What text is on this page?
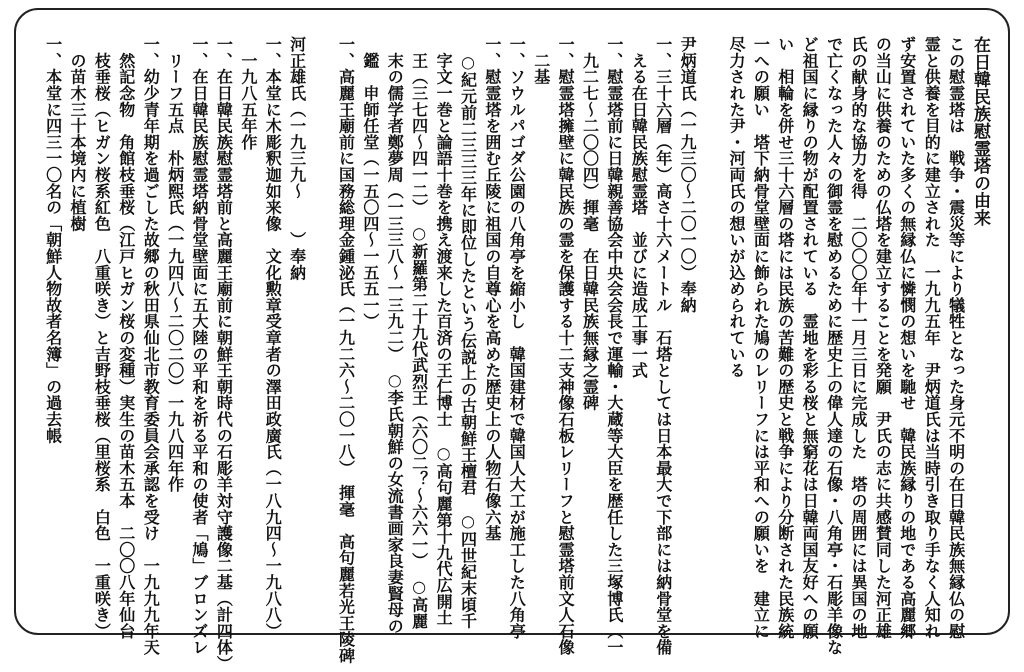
在日韓民族慰霊塔の由来
この慰霊塔は　戦争・震災等により犠牲となった身元不明の在日韓民族無縁仏の慰
霊と供養を目的に建立された　一九九五年　尹炳道氏は当時引き取り手なく人知れ
ず安置されていた多くの無縁仏に憐憫の想いを馳せ　韓民族縁りの地である高麗郷
の当山に供養のための仏塔を建立することを発願　尹氏の志に共感賛同した河正雄
氏の献身的な協力を得　二〇〇〇年十一月三日に完成した　塔の周囲には異国の地
で亡くなった人々の御霊を慰めるために歴史上の偉人達の石像・八角亭・石彫羊像な
ど祖国に縁りの物が配置されている　霊地を彩る桜と無窮花は日韓両国友好への願
い　相輪を併せ三十六層の塔には民族の苦難の歴史と戦争により分断された民族統
一への願い　塔下納骨堂壁面に飾られた鳩のレリーフには平和への願いを　建立に
尽力された尹・河両氏の想いが込められている

尹炳道氏（一九三〇～二〇一〇）奉納
一、三十六層（年）高さ十六メートル　石塔としては日本最大で下部には納骨堂を備
　える在日韓民族慰霊塔　並びに造成工事一式
一、慰霊塔前に日韓親善協会中央会会長で運輸・大蔵等大臣を歴任した三塚博氏（一
　九二七～二〇〇四）揮毫　在日韓民族無縁之霊碑
一、慰霊塔擁壁に韓民族の霊を保護する十二支神像石板レリーフと慰霊塔前文人石像
　二基
一、ソウルパゴダ公園の八角亭を縮小し　韓国建材で韓国人大工が施工した八角亭
一、慰霊塔を囲む丘陵に祖国の自尊心を高めた歴史上の人物石像六基
　○紀元前二三三三年に即位したという伝説上の古朝鮮王檀君　○四世紀末頃千
　字文一巻と論語十巻を携え渡来した百済の王仁博士　○高句麗第十九代広開土
　王（三七四～四一二）　○新羅第二十九代武烈王（六〇二？～六六一）　○高麗
　末の儒学者鄭夢周（一三三八～一三九二）　○李氏朝鮮の女流書画家良妻賢母の
　鑑　申師任堂（一五〇四～一五五一）
一、高麗王廟前に国務総理金鍾泌氏（一九二六～二〇一八）　揮毫　高句麗若光王陵碑

河正雄氏（一九三九～　　）奉納
一、本堂に木彫釈迦如来像　文化勲章受章者の澤田政廣氏（一八九四～一九八八）
　一九八五年作
一、在日韓民族慰霊塔前と高麗王廟前に朝鮮王朝時代の石彫羊対守護像二基（計四体）
一、在日韓民族慰霊塔納骨堂壁面に五大陸の平和を祈る平和の使者「鳩」ブロンズレ
　リーフ五点　朴炳熙氏（一九四八～二〇二〇）一九八四年作
一、幼少青年期を過ごした故郷の秋田県仙北市教育委員会承認を受け　一九九九年天
　然記念物　角館枝垂桜（江戸ヒガン桜の変種）実生の苗木五本　二〇〇八年仙台
　枝垂桜（ヒガン桜系紅色　八重咲き）と吉野枝垂桜（里桜系　白色　一重咲き）
　の苗木三十本境内に植樹
一、本堂に四三一〇名の「朝鮮人物故者名簿」の過去帳
